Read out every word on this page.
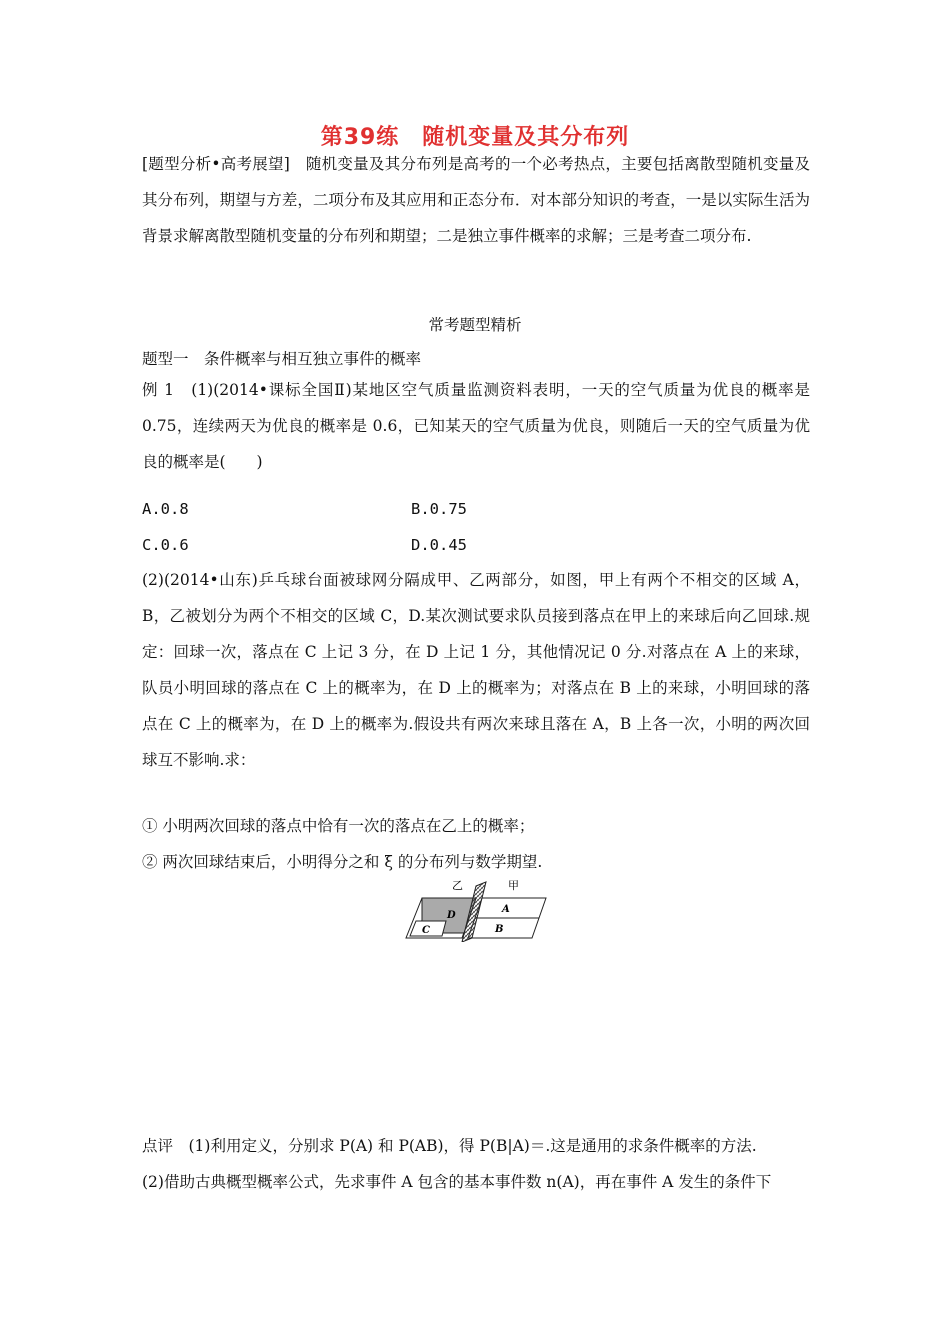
第39练　随机变量及其分布列
[题型分析•高考展望]　随机变量及其分布列是高考的一个必考热点，主要包括离散型随机变量及其分布列，期望与方差，二项分布及其应用和正态分布．对本部分知识的考查，一是以实际生活为背景求解离散型随机变量的分布列和期望；二是独立事件概率的求解；三是考查二项分布.
常考题型精析
题型一　条件概率与相互独立事件的概率
例 1　(1)(2014•课标全国Ⅱ)某地区空气质量监测资料表明，一天的空气质量为优良的概率是 0.75，连续两天为优良的概率是 0.6，已知某天的空气质量为优良，则随后一天的空气质量为优良的概率是(　　)
A.0.8	B.0.75
C.0.6	D.0.45
(2)(2014•山东)乒乓球台面被球网分隔成甲、乙两部分，如图，甲上有两个不相交的区域 A，B，乙被划分为两个不相交的区域 C，D.某次测试要求队员接到落点在甲上的来球后向乙回球.规定：回球一次，落点在 C 上记 3 分，在 D 上记 1 分，其他情况记 0 分.对落点在 A 上的来球，队员小明回球的落点在 C 上的概率为，在 D 上的概率为；对落点在 B 上的来球，小明回球的落点在 C 上的概率为，在 D 上的概率为.假设共有两次来球且落在 A，B 上各一次，小明的两次回球互不影响.求：
① 小明两次回球的落点中恰有一次的落点在乙上的概率；
② 两次回球结束后，小明得分之和 ξ 的分布列与数学期望.
乙	甲
A
B
C
D
点评　(1)利用定义，分别求 P(A) 和 P(AB)，得 P(B|A)＝.这是通用的求条件概率的方法.
(2)借助古典概型概率公式，先求事件 A 包含的基本事件数 n(A)，再在事件 A 发生的条件下
